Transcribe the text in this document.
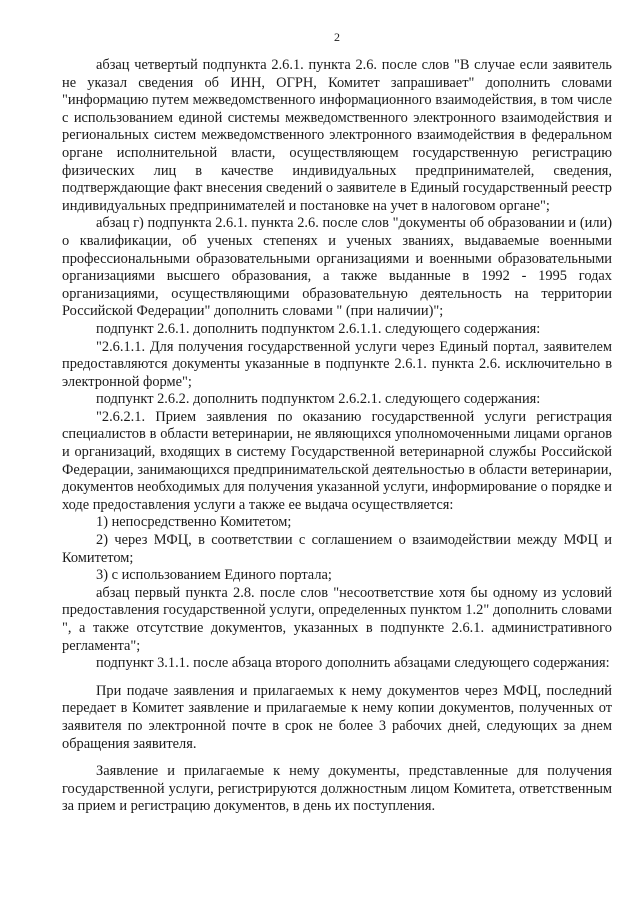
2

абзац четвертый подпункта 2.6.1. пункта 2.6. после слов "В случае если заявитель не указал сведения об ИНН, ОГРН, Комитет запрашивает" дополнить словами "информацию путем межведомственного информационного взаимодействия, в том числе с использованием единой системы межведомственного электронного взаимодействия и региональных систем межведомственного электронного взаимодействия в федеральном органе исполнительной власти, осуществляющем государственную регистрацию физических лиц в качестве индивидуальных предпринимателей, сведения, подтверждающие факт внесения сведений о заявителе в Единый государственный реестр индивидуальных предпринимателей и постановке на учет в налоговом органе";

абзац г) подпункта 2.6.1. пункта 2.6. после слов "документы об образовании и (или) о квалификации, об ученых степенях и ученых званиях, выдаваемые военными профессиональными образовательными организациями и военными образовательными организациями высшего образования, а также выданные в 1992 - 1995 годах организациями, осуществляющими образовательную деятельность на территории Российской Федерации" дополнить словами " (при наличии)";

подпункт 2.6.1. дополнить подпунктом 2.6.1.1. следующего содержания:

"2.6.1.1. Для получения государственной услуги через Единый портал, заявителем предоставляются документы указанные в подпункте 2.6.1. пункта 2.6. исключительно в электронной форме";

подпункт 2.6.2. дополнить подпунктом 2.6.2.1. следующего содержания:

"2.6.2.1. Прием заявления по оказанию государственной услуги регистрация специалистов в области ветеринарии, не являющихся уполномоченными лицами органов и организаций, входящих в систему Государственной ветеринарной службы Российской Федерации, занимающихся предпринимательской деятельностью в области ветеринарии, документов необходимых для получения указанной услуги, информирование о порядке и ходе предоставления услуги а также ее выдача осуществляется:

1) непосредственно Комитетом;

2) через МФЦ, в соответствии с соглашением о взаимодействии между МФЦ и Комитетом;

3) с использованием Единого портала;

абзац первый пункта 2.8. после слов "несоответствие хотя бы одному из условий предоставления государственной услуги, определенных пунктом 1.2" дополнить словами ", а также отсутствие документов, указанных в подпункте 2.6.1. административного регламента";

подпункт 3.1.1. после абзаца второго дополнить абзацами следующего содержания:

При подаче заявления и прилагаемых к нему документов через МФЦ, последний передает в Комитет заявление и прилагаемые к нему копии документов, полученных от заявителя по электронной почте в срок не более 3 рабочих дней, следующих за днем обращения заявителя.

Заявление и прилагаемые к нему документы, представленные для получения государственной услуги, регистрируются должностным лицом Комитета, ответственным за прием и регистрацию документов, в день их поступления.
